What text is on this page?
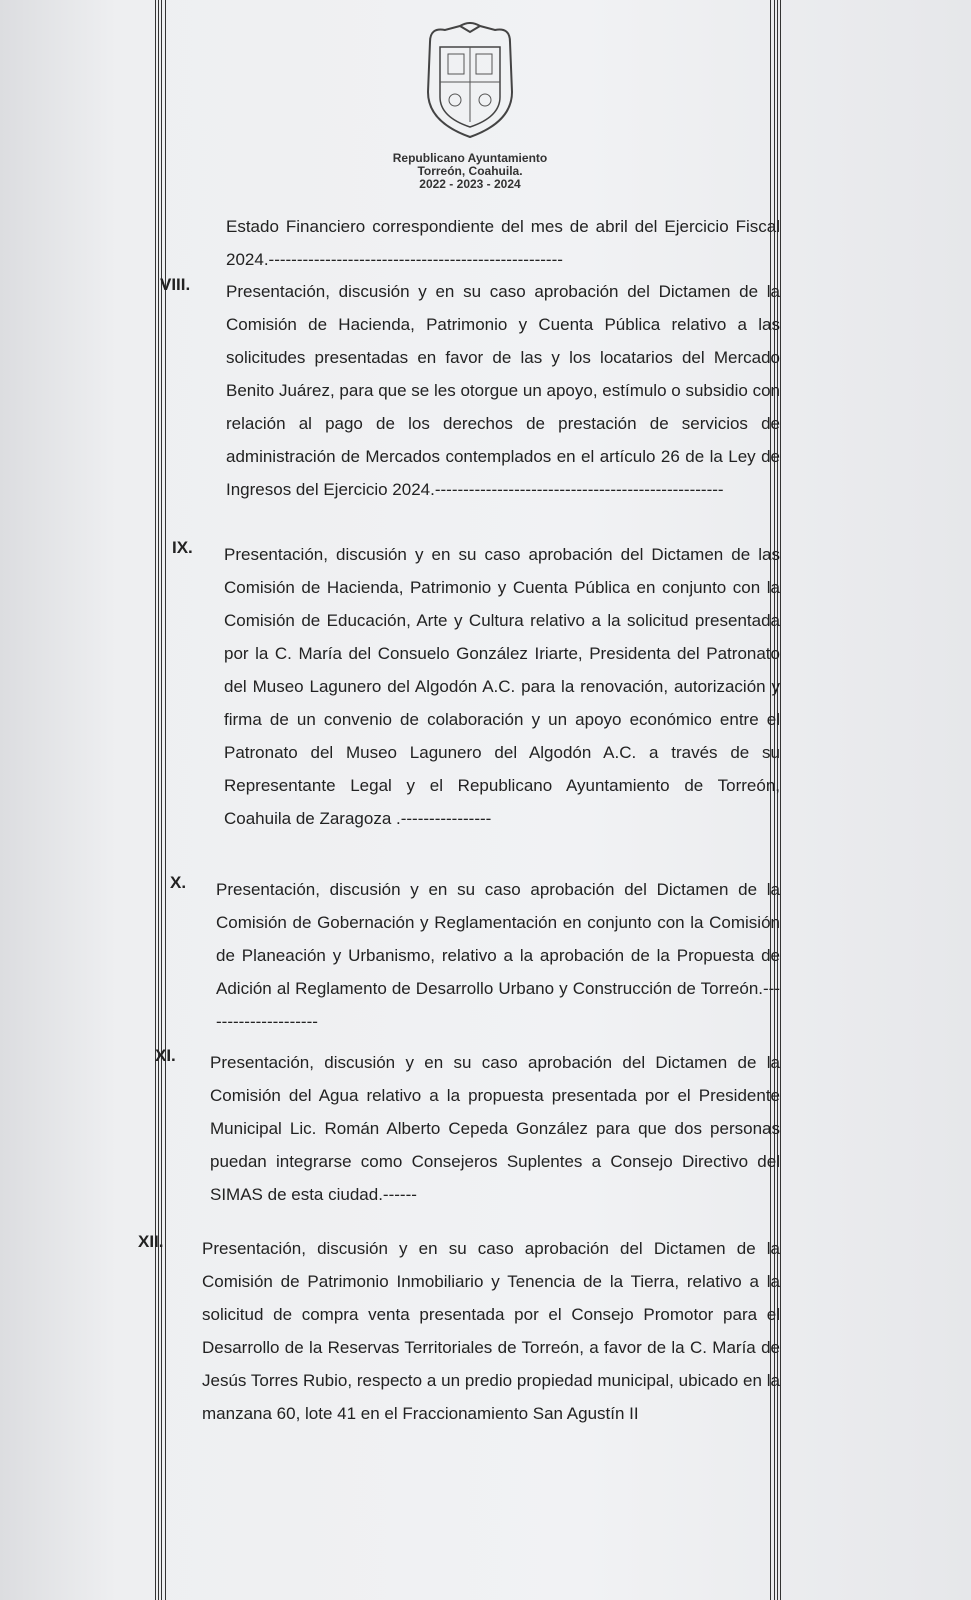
Republicano Ayuntamiento
Torreón, Coahuila.
2022 - 2023 - 2024
Estado Financiero correspondiente del mes de abril del Ejercicio Fiscal 2024.----------------------------------------------------
VIII. Presentación, discusión y en su caso aprobación del Dictamen de la Comisión de Hacienda, Patrimonio y Cuenta Pública relativo a las solicitudes presentadas en favor de las y los locatarios del Mercado Benito Juárez, para que se les otorgue un apoyo, estímulo o subsidio con relación al pago de los derechos de prestación de servicios de administración de Mercados contemplados en el artículo 26 de la Ley de Ingresos del Ejercicio 2024.---------------------------------------------------
IX. Presentación, discusión y en su caso aprobación del Dictamen de las Comisión de Hacienda, Patrimonio y Cuenta Pública en conjunto con la Comisión de Educación, Arte y Cultura relativo a la solicitud presentada por la C. María del Consuelo González Iriarte, Presidenta del Patronato del Museo Lagunero del Algodón A.C. para la renovación, autorización y firma de un convenio de colaboración y un apoyo económico entre el Patronato del Museo Lagunero del Algodón A.C. a través de su Representante Legal y el Republicano Ayuntamiento de Torreón, Coahuila de Zaragoza .----------------
X. Presentación, discusión y en su caso aprobación del Dictamen de la Comisión de Gobernación y Reglamentación en conjunto con la Comisión de Planeación y Urbanismo, relativo a la aprobación de la Propuesta de Adición al Reglamento de Desarrollo Urbano y Construcción de Torreón.---------------------
XI. Presentación, discusión y en su caso aprobación del Dictamen de la Comisión del Agua relativo a la propuesta presentada por el Presidente Municipal Lic. Román Alberto Cepeda González para que dos personas puedan integrarse como Consejeros Suplentes a Consejo Directivo del SIMAS de esta ciudad.------
XII. Presentación, discusión y en su caso aprobación del Dictamen de la Comisión de Patrimonio Inmobiliario y Tenencia de la Tierra, relativo a la solicitud de compra venta presentada por el Consejo Promotor para el Desarrollo de la Reservas Territoriales de Torreón, a favor de la C. María de Jesús Torres Rubio, respecto a un predio propiedad municipal, ubicado en la manzana 60, lote 41 en el Fraccionamiento San Agustín II
